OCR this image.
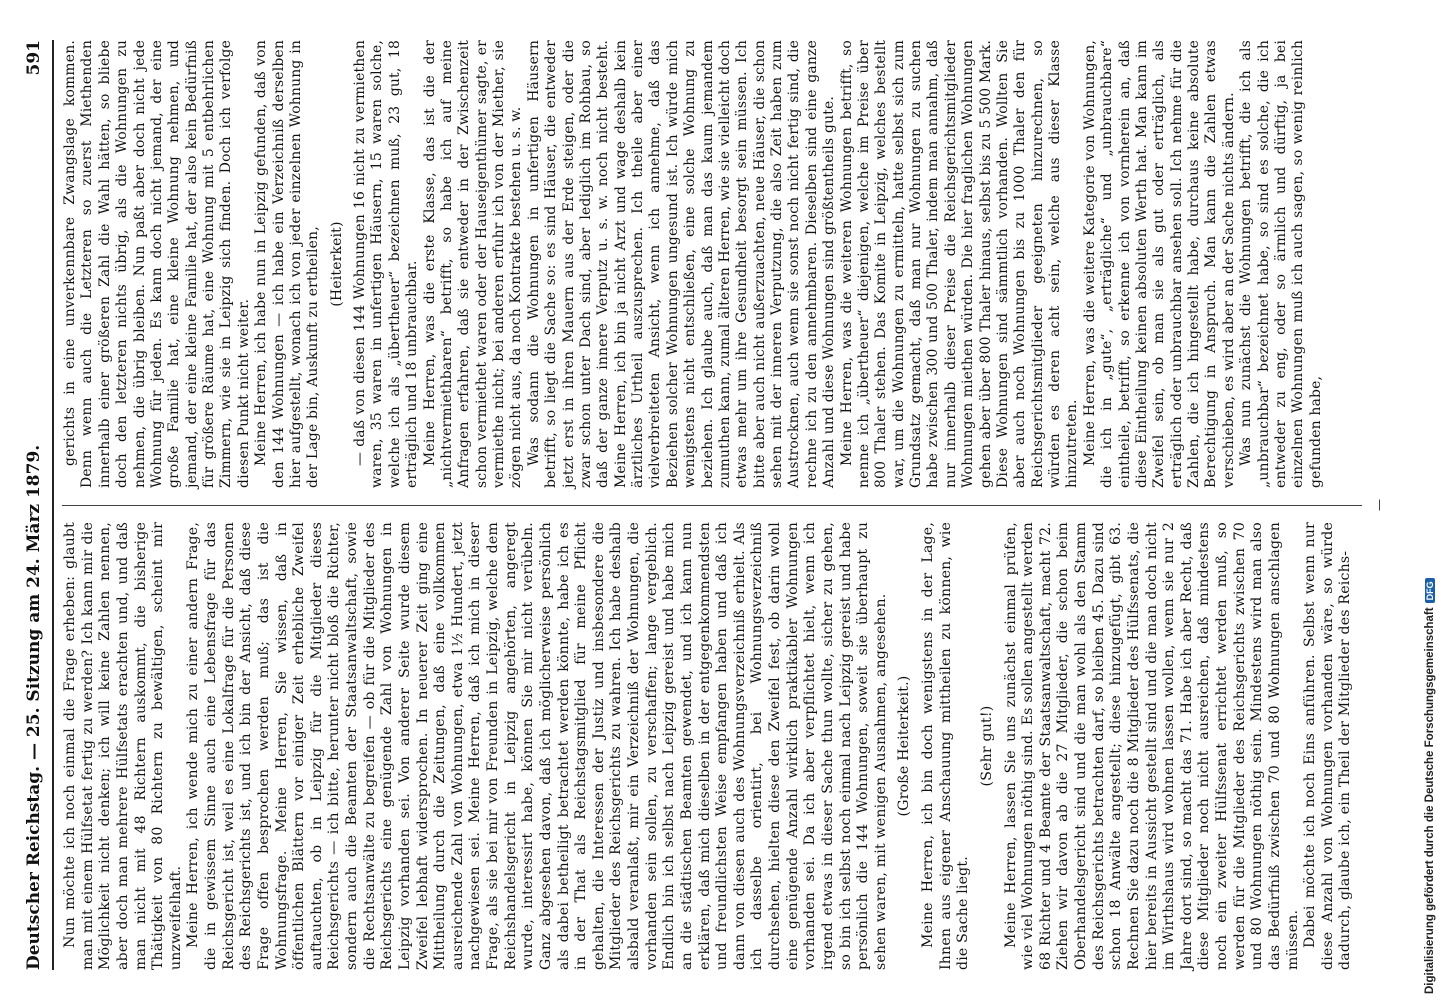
Deutscher Reichstag. — 25. Sitzung am 24. März 1879.
591

Nun möchte ich noch einmal die Frage erheben: glaubt man mit einem Hülfsetat fertig zu werden? Ich kann mir die Möglichkeit nicht denken; ich will keine Zahlen nennen, aber doch man mehrere Hülfsetats erachten und, und daß man nicht mit 48 Richtern auskommt, die bisherige Thätigkeit von 80 Richtern zu bewältigen, scheint mir unzweifelhaft. Meine Herren, ich wende mich zu einer andern Frage, die in gewissem Sinne auch eine Lebensfrage für das Reichsgericht ist, weil es eine Lokalfrage für die Personen des Reichsgerichts ist, und ich bin der Ansicht, daß diese Frage offen besprochen werden muß; das ist die Wohnungsfrage. Meine Herren, Sie wissen, daß in öffentlichen Blättern vor einiger Zeit erhebliche Zweifel auftauchten, ob in Leipzig für die Mitglieder dieses Reichsgerichts — ich bitte, herunter nicht bloß die Richter, sondern auch die Beamten der Staatsanwaltschaft, sowie die Rechtsanwälte zu begreifen — ob für die Mitglieder des Reichsgerichts eine genügende Zahl von Wohnungen in Leipzig vorhanden sei. Von anderer Seite wurde diesem Zweifel lebhaft widersprochen. In neuerer Zeit ging eine Mittheilung durch die Zeitungen, daß eine vollkommen ausreichende Zahl von Wohnungen, etwa 1½ Hundert, jetzt nachgewiesen sei. Meine Herren, daß ich mich in dieser Frage, als sie bei mir von Freunden in Leipzig, welche dem Reichshandelsgericht in Leipzig angehörten, angeregt wurde, interessirt habe, können Sie mir nicht verübeln. Ganz abgesehen davon, daß ich möglicherweise persönlich als dabei betheiligt betrachtet werden könnte, habe ich es in der That als Reichstagsmitglied für meine Pflicht gehalten, die Interessen der Justiz und insbesondere die Mitglieder des Reichsgerichts zu wahren. Ich habe deshalb alsbald veranlaßt, mir ein Verzeichniß der Wohnungen, die vorhanden sein sollen, zu verschaffen; lange vergeblich. Endlich bin ich selbst nach Leipzig gereist und habe mich an die städtischen Beamten gewendet, und ich kann nun erklären, daß mich dieselben in der entgegenkommendsten und freundlichsten Weise empfangen haben und daß ich dann von diesen auch des Wohnungsverzeichniß erhielt. Als ich dasselbe orientirt, bei Wohnungsverzeichniß durchsehen, hielten diese den Zweifel fest, ob darin wohl eine genügende Anzahl wirklich praktikabler Wohnungen vorhanden sei. Da ich aber verpflichtet hielt, wenn ich irgend etwas in dieser Sache thun wollte, sicher zu gehen, so bin ich selbst noch einmal nach Leipzig gereist und habe persönlich die 144 Wohnungen, soweit sie überhaupt zu sehen waren, mit wenigen Ausnahmen, angesehen. (Große Heiterkeit.) Meine Herren, ich bin doch wenigstens in der Lage, Ihnen aus eigener Anschauung mittheilen zu können, wie die Sache liegt.

(Sehr gut!) Meine Herren, lassen Sie uns zunächst einmal prüfen, wie viel Wohnungen nöthig sind. Es sollen angestellt werden 68 Richter und 4 Beamte der Staatsanwaltschaft, macht 72. Ziehen wir davon ab die 27 Mitglieder, die schon beim Oberhandelsgericht sind und die man wohl als den Stamm des Reichsgerichts betrachten darf, so bleiben 45. Dazu sind schon 18 Anwälte angestellt; diese hinzugefügt, gibt 63. Rechnen Sie dazu noch die 8 Mitglieder des Hülfssenats, die hier bereits in Aussicht gestellt sind und die man doch nicht im Wirthshaus wird wohnen lassen wollen, wenn sie nur 2 Jahre dort sind, so macht das 71. Habe ich aber Recht, daß diese Mitglieder noch nicht ausreichen, daß mindestens noch ein zweiter Hülfssenat errichtet werden muß, so werden für die Mitglieder des Reichsgerichts zwischen 70 und 80 Wohnungen nöthig sein. Mindestens wird man also das Bedürfniß zwischen 70 und 80 Wohnungen anschlagen müssen. Dabei möchte ich noch Eins anführen. Selbst wenn nur diese Anzahl von Wohnungen vorhanden wäre, so würde dadurch, glaube ich, ein Theil der Mitglieder des Reichs-

gerichts in eine unverkennbare Zwangslage kommen. Denn wenn auch die Letzteren so zuerst Miethenden innerhalb einer größeren Zahl die Wahl hätten, so bliebe doch den letzteren nichts übrig, als die Wohnungen zu nehmen, die übrig bleiben. Nun paßt aber doch nicht jede Wohnung für jeden. Es kann doch nicht jemand, der eine große Familie hat, eine kleine Wohnung nehmen, und jemand, der eine kleine Familie hat, der also kein Bedürfniß für größere Räume hat, eine Wohnung mit 5 entbehrlichen Zimmern, wie sie in Leipzig sich finden. Doch ich verfolge diesen Punkt nicht weiter. Meine Herren, ich habe nun in Leipzig gefunden, daß von den 144 Wohnungen — ich habe ein Verzeichniß derselben hier aufgestellt, wonach ich von jeder einzelnen Wohnung in der Lage bin, Auskunft zu ertheilen, (Heiterkeit) — daß von diesen 144 Wohnungen 16 nicht zu vermiethen waren, 35 waren in unfertigen Häusern, 15 waren solche, welche ich als „übertheuer“ bezeichnen muß, 23 gut, 18 erträglich und 18 unbrauchbar. Meine Herren, was die erste Klasse, das ist die der „nichtvermiethbaren“ betrifft, so habe ich auf meine Anfragen erfahren, daß sie entweder in der Zwischenzeit schon vermiethet waren oder der Hauseigenthümer sagte, er vermiethe nicht; bei anderen erfuhr ich von der Miether, sie zögen nicht aus, da noch Kontrakte bestehen u. s. w. Was sodann die Wohnungen in unfertigen Häusern betrifft, so liegt die Sache so: es sind Häuser, die entweder jetzt erst in ihren Mauern aus der Erde steigen, oder die zwar schon unter Dach sind, aber lediglich im Rohbau, so daß der ganze innere Verputz u. s. w. noch nicht besteht. Meine Herren, ich bin ja nicht Arzt und wage deshalb kein ärztliches Urtheil auszusprechen. Ich theile aber einer vielverbreiteten Ansicht, wenn ich annehme, daß das Beziehen solcher Wohnungen ungesund ist. Ich würde mich wenigstens nicht entschließen, eine solche Wohnung zu beziehen. Ich glaube auch, daß man das kaum jemandem zumuthen kann, zumal älteren Herren, wie sie vielleicht doch etwas mehr um ihre Gesundheit besorgt sein müssen. Ich bitte aber auch nicht außerzuachten, neue Häuser, die schon sehen mit der inneren Verputzung, die also Zeit haben zum Austrocknen, auch wenn sie sonst noch nicht fertig sind, die rechne ich zu den annehmbaren. Dieselben sind eine ganze Anzahl und diese Wohnungen sind größtentheils gute. Meine Herren, was die weiteren Wohnungen betrifft, so nenne ich „übertheuer“ diejenigen, welche im Preise über 800 Thaler stehen. Das Komite in Leipzig, welches bestellt war, um die Wohnungen zu ermitteln, hatte selbst sich zum Grundsatz gemacht, daß man nur Wohnungen zu suchen habe zwischen 300 und 500 Thaler, indem man annahm, daß nur innerhalb dieser Preise die Reichsgerichtsmitglieder Wohnungen miethen würden. Die hier fraglichen Wohnungen gehen aber über 800 Thaler hinaus, selbst bis zu 5 500 Mark. Diese Wohnungen sind sämmtlich vorhanden. Wollten Sie aber auch noch Wohnungen bis zu 1000 Thaler den für Reichsgerichtsmitglieder geeigneten hinzurechnen, so würden es deren acht sein, welche aus dieser Klasse hinzutreten. Meine Herren, was die weitere Kategorie von Wohnungen, die ich in „gute“, „erträgliche“ und „unbrauchbare“ eintheile, betrifft, so erkenne ich von vornherein an, daß diese Eintheilung keinen absoluten Werth hat. Man kann im Zweifel sein, ob man sie als gut oder erträglich, als erträglich oder unbrauchbar ansehen soll. Ich nehme für die Zahlen, die ich hingestellt habe, durchaus keine absolute Berechtigung in Anspruch. Man kann die Zahlen etwas verschieben, es wird aber an der Sache nichts ändern. Was nun zunächst die Wohnungen betrifft, die ich als „unbrauchbar“ bezeichnet habe, so sind es solche, die ich entweder zu eng, oder so ärmlich und dürftig, ja bei einzelnen Wohnungen muß ich auch sagen, so wenig reinlich gefunden habe,

—
Digitalisierung gefördert durch die Deutsche ForschungsgemeinschaftDFG
